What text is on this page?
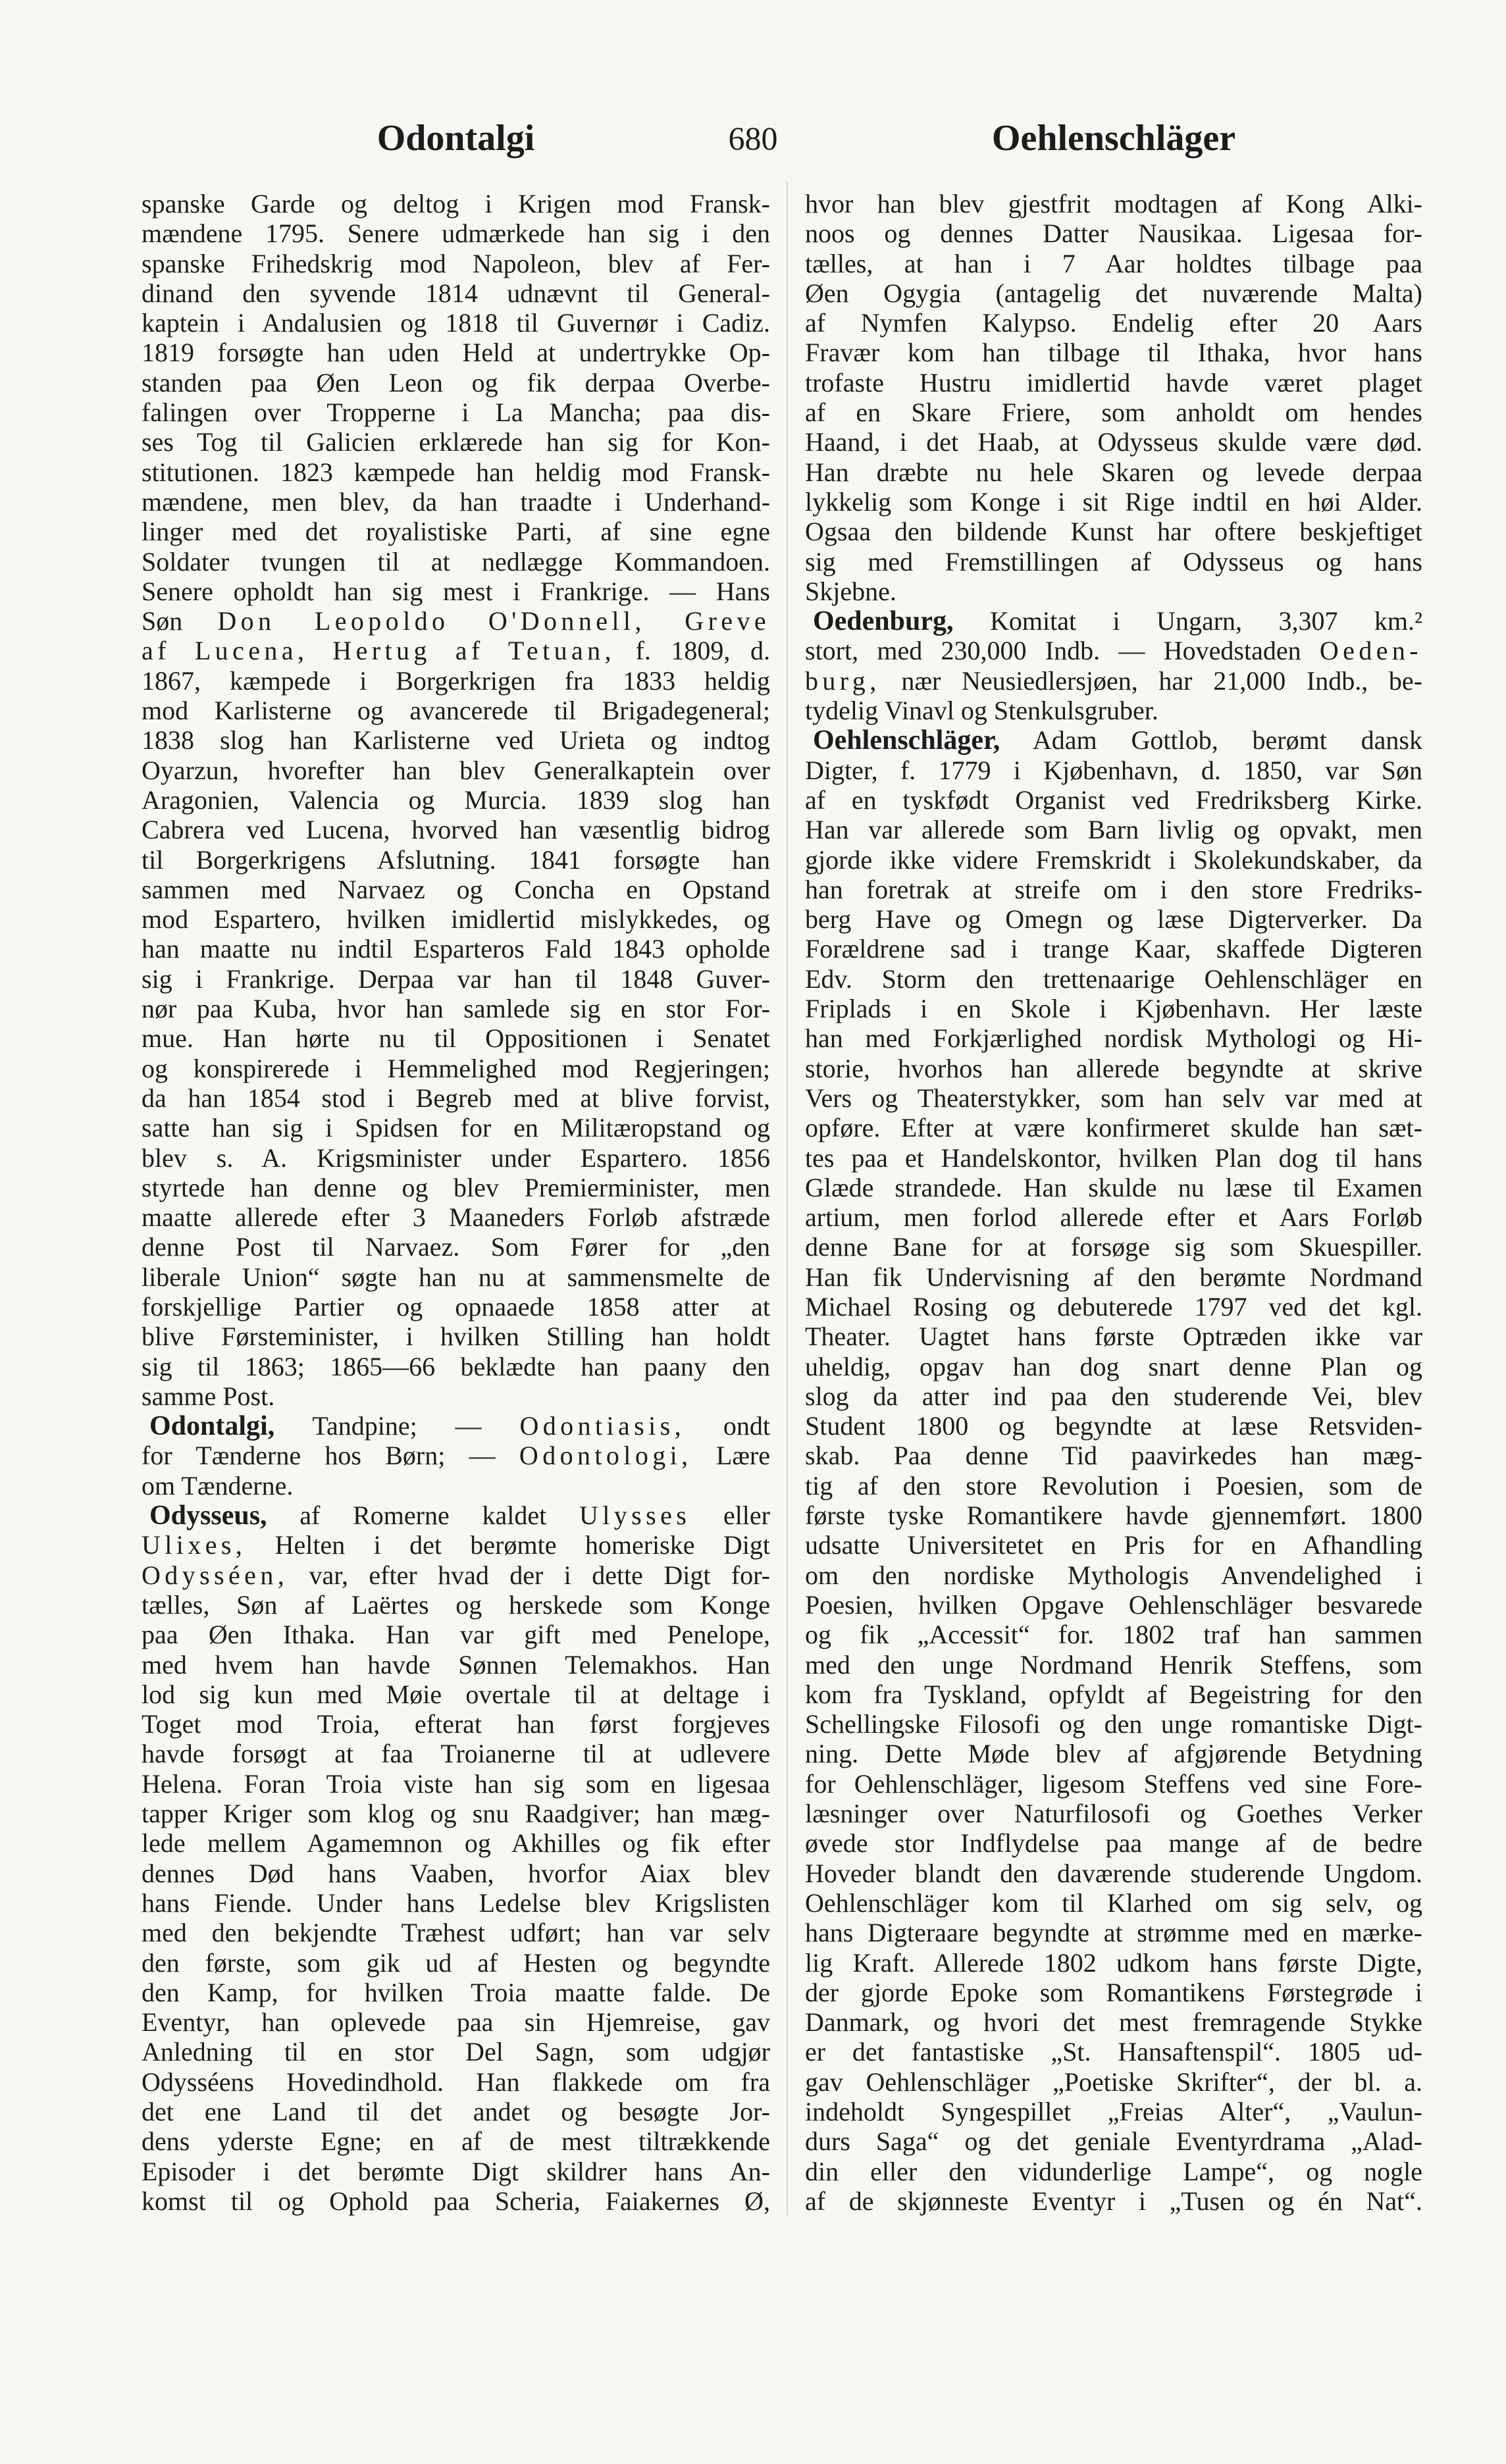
Odontalgi	680	Oehlenschläger
spanske Garde og deltog i Krigen mod Fransk-
mændene 1795. Senere udmærkede han sig i den
spanske Frihedskrig mod Napoleon, blev af Fer-
dinand den syvende 1814 udnævnt til General-
kaptein i Andalusien og 1818 til Guvernør i Cadiz.
1819 forsøgte han uden Held at undertrykke Op-
standen paa Øen Leon og fik derpaa Overbe-
falingen over Tropperne i La Mancha; paa dis-
ses Tog til Galicien erklærede han sig for Kon-
stitutionen. 1823 kæmpede han heldig mod Fransk-
mændene, men blev, da han traadte i Underhand-
linger med det royalistiske Parti, af sine egne
Soldater tvungen til at nedlægge Kommandoen.
Senere opholdt han sig mest i Frankrige. — Hans
Søn Don Leopoldo O'Donnell, Greve
af Lucena, Hertug af Tetuan, f. 1809, d.
1867, kæmpede i Borgerkrigen fra 1833 heldig
mod Karlisterne og avancerede til Brigadegeneral;
1838 slog han Karlisterne ved Urieta og indtog
Oyarzun, hvorefter han blev Generalkaptein over
Aragonien, Valencia og Murcia. 1839 slog han
Cabrera ved Lucena, hvorved han væsentlig bidrog
til Borgerkrigens Afslutning. 1841 forsøgte han
sammen med Narvaez og Concha en Opstand
mod Espartero, hvilken imidlertid mislykkedes, og
han maatte nu indtil Esparteros Fald 1843 opholde
sig i Frankrige. Derpaa var han til 1848 Guver-
nør paa Kuba, hvor han samlede sig en stor For-
mue. Han hørte nu til Oppositionen i Senatet
og konspirerede i Hemmelighed mod Regjeringen;
da han 1854 stod i Begreb med at blive forvist,
satte han sig i Spidsen for en Militæropstand og
blev s. A. Krigsminister under Espartero. 1856
styrtede han denne og blev Premierminister, men
maatte allerede efter 3 Maaneders Forløb afstræde
denne Post til Narvaez. Som Fører for „den
liberale Union“ søgte han nu at sammensmelte de
forskjellige Partier og opnaaede 1858 atter at
blive Førsteminister, i hvilken Stilling han holdt
sig til 1863; 1865—66 beklædte han paany den
samme Post.
Odontalgi, Tandpine; — Odontiasis, ondt
for Tænderne hos Børn; — Odontologi, Lære
om Tænderne.
Odysseus, af Romerne kaldet Ulysses eller
Ulixes, Helten i det berømte homeriske Digt
Odysséen, var, efter hvad der i dette Digt for-
tælles, Søn af Laërtes og herskede som Konge
paa Øen Ithaka. Han var gift med Penelope,
med hvem han havde Sønnen Telemakhos. Han
lod sig kun med Møie overtale til at deltage i
Toget mod Troia, efterat han først forgjeves
havde forsøgt at faa Troianerne til at udlevere
Helena. Foran Troia viste han sig som en ligesaa
tapper Kriger som klog og snu Raadgiver; han mæg-
lede mellem Agamemnon og Akhilles og fik efter
dennes Død hans Vaaben, hvorfor Aiax blev
hans Fiende. Under hans Ledelse blev Krigslisten
med den bekjendte Træhest udført; han var selv
den første, som gik ud af Hesten og begyndte
den Kamp, for hvilken Troia maatte falde. De
Eventyr, han oplevede paa sin Hjemreise, gav
Anledning til en stor Del Sagn, som udgjør
Odysséens Hovedindhold. Han flakkede om fra
det ene Land til det andet og besøgte Jor-
dens yderste Egne; en af de mest tiltrækkende
Episoder i det berømte Digt skildrer hans An-
komst til og Ophold paa Scheria, Faiakernes Ø,
hvor han blev gjestfrit modtagen af Kong Alki-
noos og dennes Datter Nausikaa. Ligesaa for-
tælles, at han i 7 Aar holdtes tilbage paa
Øen Ogygia (antagelig det nuværende Malta)
af Nymfen Kalypso. Endelig efter 20 Aars
Fravær kom han tilbage til Ithaka, hvor hans
trofaste Hustru imidlertid havde været plaget
af en Skare Friere, som anholdt om hendes
Haand, i det Haab, at Odysseus skulde være død.
Han dræbte nu hele Skaren og levede derpaa
lykkelig som Konge i sit Rige indtil en høi Alder.
Ogsaa den bildende Kunst har oftere beskjeftiget
sig med Fremstillingen af Odysseus og hans
Skjebne.
Oedenburg, Komitat i Ungarn, 3,307 km.²
stort, med 230,000 Indb. — Hovedstaden Oeden-
burg, nær Neusiedlersjøen, har 21,000 Indb., be-
tydelig Vinavl og Stenkulsgruber.
Oehlenschläger, Adam Gottlob, berømt dansk
Digter, f. 1779 i Kjøbenhavn, d. 1850, var Søn
af en tyskfødt Organist ved Fredriksberg Kirke.
Han var allerede som Barn livlig og opvakt, men
gjorde ikke videre Fremskridt i Skolekundskaber, da
han foretrak at streife om i den store Fredriks-
berg Have og Omegn og læse Digterverker. Da
Forældrene sad i trange Kaar, skaffede Digteren
Edv. Storm den trettenaarige Oehlenschläger en
Friplads i en Skole i Kjøbenhavn. Her læste
han med Forkjærlighed nordisk Mythologi og Hi-
storie, hvorhos han allerede begyndte at skrive
Vers og Theaterstykker, som han selv var med at
opføre. Efter at være konfirmeret skulde han sæt-
tes paa et Handelskontor, hvilken Plan dog til hans
Glæde strandede. Han skulde nu læse til Examen
artium, men forlod allerede efter et Aars Forløb
denne Bane for at forsøge sig som Skuespiller.
Han fik Undervisning af den berømte Nordmand
Michael Rosing og debuterede 1797 ved det kgl.
Theater. Uagtet hans første Optræden ikke var
uheldig, opgav han dog snart denne Plan og
slog da atter ind paa den studerende Vei, blev
Student 1800 og begyndte at læse Retsviden-
skab. Paa denne Tid paavirkedes han mæg-
tig af den store Revolution i Poesien, som de
første tyske Romantikere havde gjennemført. 1800
udsatte Universitetet en Pris for en Afhandling
om den nordiske Mythologis Anvendelighed i
Poesien, hvilken Opgave Oehlenschläger besvarede
og fik „Accessit“ for. 1802 traf han sammen
med den unge Nordmand Henrik Steffens, som
kom fra Tyskland, opfyldt af Begeistring for den
Schellingske Filosofi og den unge romantiske Digt-
ning. Dette Møde blev af afgjørende Betydning
for Oehlenschläger, ligesom Steffens ved sine Fore-
læsninger over Naturfilosofi og Goethes Verker
øvede stor Indflydelse paa mange af de bedre
Hoveder blandt den daværende studerende Ungdom.
Oehlenschläger kom til Klarhed om sig selv, og
hans Digteraare begyndte at strømme med en mærke-
lig Kraft. Allerede 1802 udkom hans første Digte,
der gjorde Epoke som Romantikens Førstegrøde i
Danmark, og hvori det mest fremragende Stykke
er det fantastiske „St. Hansaftenspil“. 1805 ud-
gav Oehlenschläger „Poetiske Skrifter“, der bl. a.
indeholdt Syngespillet „Freias Alter“, „Vaulun-
durs Saga“ og det geniale Eventyrdrama „Alad-
din eller den vidunderlige Lampe“, og nogle
af de skjønneste Eventyr i „Tusen og én Nat“.
